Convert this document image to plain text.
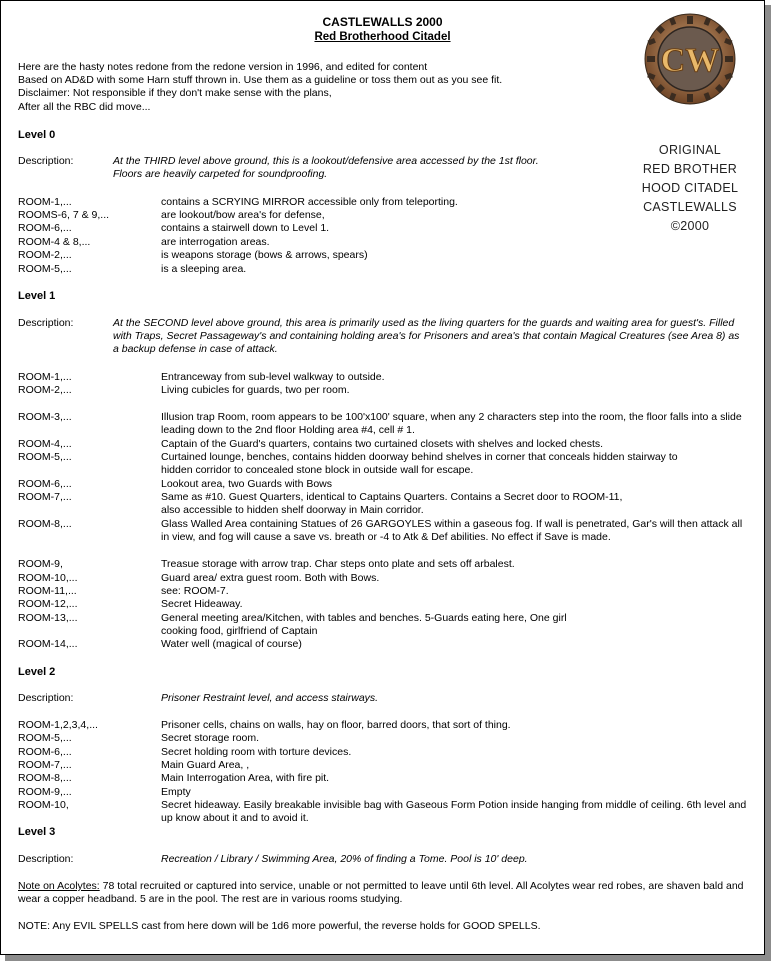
CASTLEWALLS 2000
Red Brotherhood Citadel
Here are the hasty notes redone from the redone version in 1996, and edited for content
Based on AD&D with some Harn stuff thrown in. Use them as a guideline or toss them out as you see fit.
Disclaimer: Not responsible if they don't make sense with the plans,
After all the RBC did move...
CW
ORIGINAL
RED BROTHER
HOOD CITADEL
CASTLEWALLS
©2000
Level 0
Description:	At the THIRD level above ground, this is a lookout/defensive area accessed by the 1st floor. Floors are heavily carpeted for soundproofing.
ROOM-1,...	contains a SCRYING MIRROR accessible only from teleporting.
ROOMS-6, 7 & 9,...	are lookout/bow area's for defense,
ROOM-6,...	contains a stairwell down to Level 1.
ROOM-4 & 8,...	are interrogation areas.
ROOM-2,...	is weapons storage (bows & arrows, spears)
ROOM-5,...	is a sleeping area.
Level 1
Description:	At the SECOND level above ground, this area is primarily used as the living quarters for the guards and waiting area for guest's. Filled with Traps, Secret Passageway's and containing holding area's for Prisoners and area's that contain Magical Creatures (see Area 8) as a backup defense in case of attack.
ROOM-1,...	Entranceway from sub-level walkway to outside.
ROOM-2,...	Living cubicles for guards, two per room.
ROOM-3,...	Illusion trap Room, room appears to be 100'x100' square, when any 2 characters step into the room, the floor falls into a slide leading down to the 2nd floor Holding area #4, cell # 1.
ROOM-4,...	Captain of the Guard's quarters, contains two curtained closets with shelves and locked chests.
ROOM-5,...	Curtained lounge, benches, contains hidden doorway behind shelves in corner that conceals hidden stairway to hidden corridor to concealed stone block in outside wall for escape.
ROOM-6,...	Lookout area, two Guards with Bows
ROOM-7,...	Same as #10. Guest Quarters, identical to Captains Quarters. Contains a Secret door to ROOM-11, also accessible to hidden shelf doorway in Main corridor.
ROOM-8,...	Glass Walled Area containing Statues of 26 GARGOYLES within a gaseous fog. If wall is penetrated, Gar's will then attack all in view, and fog will cause a save vs. breath or -4 to Atk & Def abilities. No effect if Save is made.
ROOM-9,	Treasue storage with arrow trap. Char steps onto plate and sets off arbalest.
ROOM-10,...	Guard area/ extra guest room. Both with Bows.
ROOM-11,...	see: ROOM-7.
ROOM-12,...	Secret Hideaway.
ROOM-13,...	General meeting area/Kitchen, with tables and benches. 5-Guards eating here, One girl cooking food, girlfriend of Captain
ROOM-14,...	Water well (magical of course)
Level 2
Description:	Prisoner Restraint level, and access stairways.
ROOM-1,2,3,4,...	Prisoner cells, chains on walls, hay on floor, barred doors, that sort of thing.
ROOM-5,...	Secret storage room.
ROOM-6,...	Secret holding room with torture devices.
ROOM-7,...	Main Guard Area, ,
ROOM-8,...	Main Interrogation Area, with fire pit.
ROOM-9,...	Empty
ROOM-10,	Secret hideaway. Easily breakable invisible bag with Gaseous Form Potion inside hanging from middle of ceiling. 6th level and up know about it and to avoid it.
Level 3
Description:	Recreation / Library / Swimming Area, 20% of finding a Tome. Pool is 10' deep.
Note on Acolytes: 78 total recruited or captured into service, unable or not permitted to leave until 6th level. All Acolytes wear red robes, are shaven bald and wear a copper headband. 5 are in the pool. The rest are in various rooms studying.
NOTE: Any EVIL SPELLS cast from here down will be 1d6 more powerful, the reverse holds for GOOD SPELLS.
